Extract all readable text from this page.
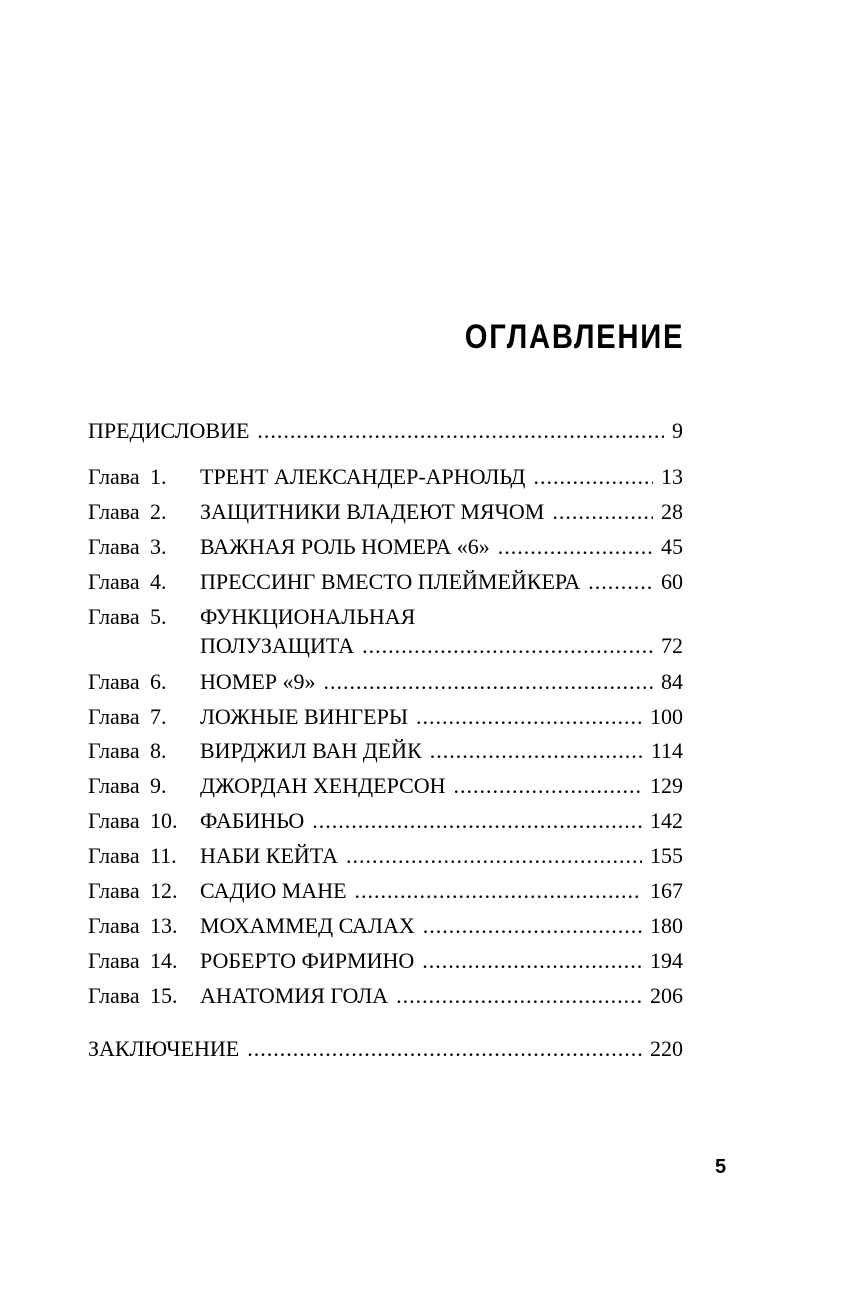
ОГЛАВЛЕНИЕ
ПРЕДИСЛОВИЕ .....	9
Глава 1.	ТРЕНТ АЛЕКСАНДЕР-АРНОЛЬД .....	13
Глава 2.	ЗАЩИТНИКИ ВЛАДЕЮТ МЯЧОМ .....	28
Глава 3.	ВАЖНАЯ РОЛЬ НОМЕРА «6» .....	45
Глава 4.	ПРЕССИНГ ВМЕСТО ПЛЕЙМЕЙКЕРА .....	60
Глава 5.	ФУНКЦИОНАЛЬНАЯ
ПОЛУЗАЩИТА .....	72
Глава 6.	НОМЕР «9» .....	84
Глава 7.	ЛОЖНЫЕ ВИНГЕРЫ .....	100
Глава 8.	ВИРДЖИЛ ВАН ДЕЙК .....	114
Глава 9.	ДЖОРДАН ХЕНДЕРСОН .....	129
Глава 10.	ФАБИНЬО .....	142
Глава 11.	НАБИ КЕЙТА .....	155
Глава 12.	САДИО МАНЕ .....	167
Глава 13.	МОХАММЕД САЛАХ .....	180
Глава 14.	РОБЕРТО ФИРМИНО .....	194
Глава 15.	АНАТОМИЯ ГОЛА .....	206
ЗАКЛЮЧЕНИЕ .....	220
5
